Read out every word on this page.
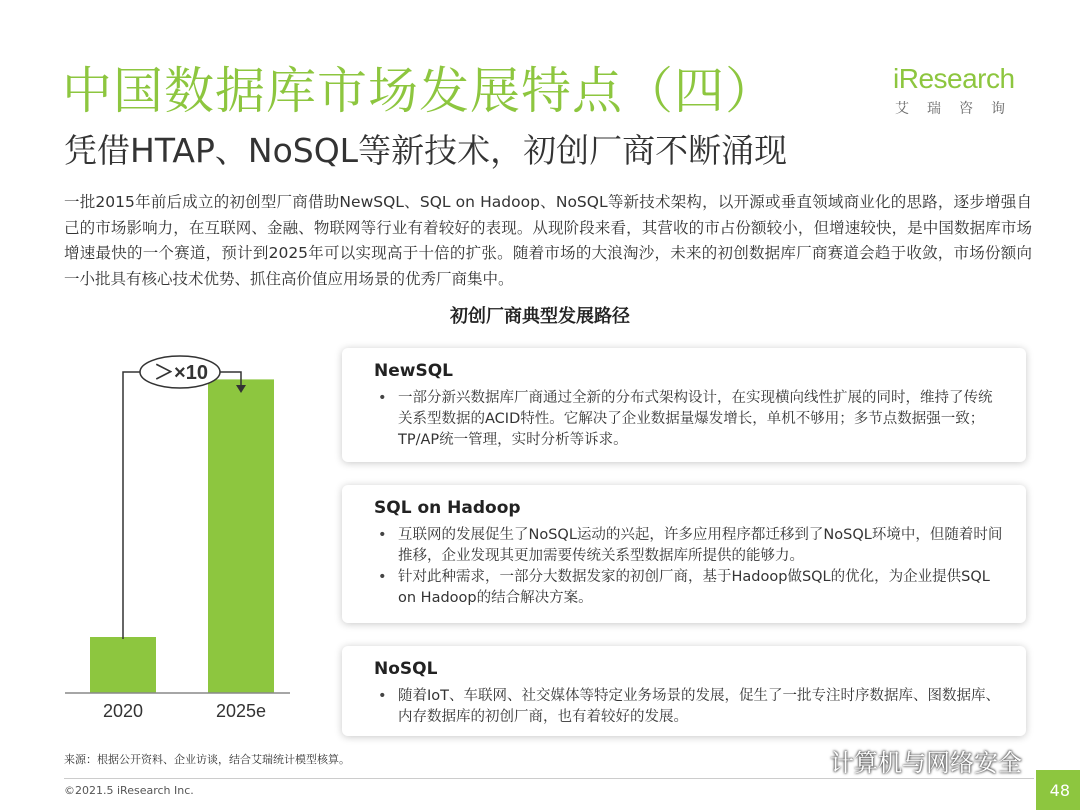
中国数据库市场发展特点（四）
凭借HTAP、NoSQL等新技术，初创厂商不断涌现
iResearch
艾瑞咨询

一批2015年前后成立的初创型厂商借助NewSQL、SQL on Hadoop、NoSQL等新技术架构，以开源或垂直领域商业化的思路，逐步增强自己的市场影响力，在互联网、金融、物联网等行业有着较好的表现。从现阶段来看，其营收的市占份额较小，但增速较快，是中国数据库市场增速最快的一个赛道，预计到2025年可以实现高于十倍的扩张。随着市场的大浪淘沙，未来的初创数据库厂商赛道会趋于收敛，市场份额向一小批具有核心技术优势、抓住高价值应用场景的优秀厂商集中。

初创厂商典型发展路径
2020	2025e
＞×10	NewSQL
• 一部分新兴数据库厂商通过全新的分布式架构设计，在实现横向线性扩展的同时，维持了传统关系型数据的ACID特性。它解决了企业数据量爆发增长，单机不够用；多节点数据强一致；TP/AP统一管理，实时分析等诉求。
SQL on Hadoop
• 互联网的发展促生了NoSQL运动的兴起，许多应用程序都迁移到了NoSQL环境中，但随着时间推移，企业发现其更加需要传统关系型数据库所提供的能够力。
• 针对此种需求，一部分大数据发家的初创厂商，基于Hadoop做SQL的优化，为企业提供SQL on Hadoop的结合解决方案。
NoSQL
• 随着IoT、车联网、社交媒体等特定业务场景的发展，促生了一批专注时序数据库、图数据库、内存数据库的初创厂商，也有着较好的发展。
来源：根据公开资料、企业访谈，结合艾瑞统计模型核算。
©2021.5 iResearch Inc.
计算机与网络安全
48
